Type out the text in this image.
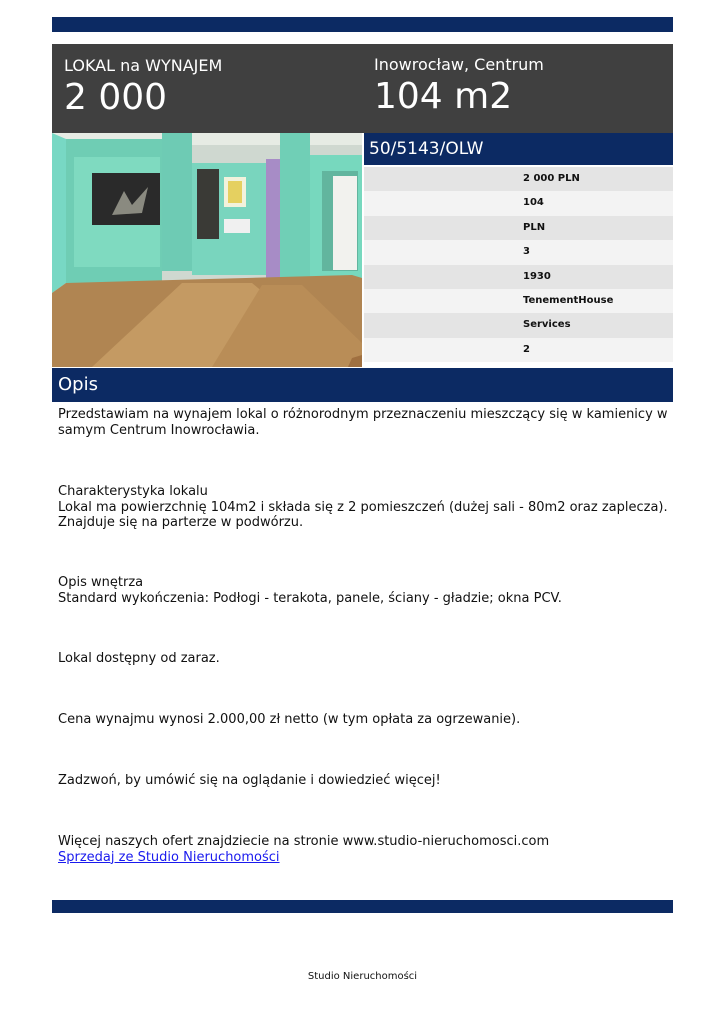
LOKAL na WYNAJEM
2 000
Inowrocław, Centrum
104 m2
50/5143/OLW
2 000 PLN
104
PLN
3
1930
TenementHouse
Services
2
Opis

Przedstawiam na wynajem lokal o różnorodnym przeznaczeniu mieszczący się w kamienicy w samym Centrum Inowrocławia.

Charakterystyka lokalu

Lokal ma powierzchnię 104m2 i składa się z 2 pomieszczeń (dużej sali - 80m2 oraz zaplecza).

Znajduje się na parterze w podwórzu.

Opis wnętrza

Standard wykończenia: Podłogi - terakota, panele, ściany - gładzie; okna PCV.

Lokal dostępny od zaraz.

Cena wynajmu wynosi 2.000,00 zł netto (w tym opłata za ogrzewanie).

Zadzwoń, by umówić się na oglądanie i dowiedzieć więcej!

Więcej naszych ofert znajdziecie na stronie www.studio-nieruchomosci.com

Sprzedaj ze Studio Nieruchomości

Studio Nieruchomości
